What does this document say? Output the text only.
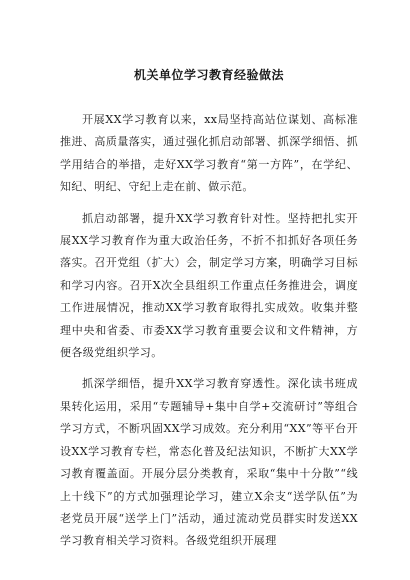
机关单位学习教育经验做法

开展XX学习教育以来，xx局坚持高站位谋划、高标准推进、高质量落实，通过强化抓启动部署、抓深学细悟、抓学用结合的举措，走好XX学习教育“第一方阵”，在学纪、知纪、明纪、守纪上走在前、做示范。

抓启动部署，提升XX学习教育针对性。坚持把扎实开展XX学习教育作为重大政治任务，不折不扣抓好各项任务落实。召开党组（扩大）会，制定学习方案，明确学习目标和学习内容。召开X次全县组织工作重点任务推进会，调度工作进展情况，推动XX学习教育取得扎实成效。收集并整理中央和省委、市委XX学习教育重要会议和文件精神，方便各级党组织学习。

抓深学细悟，提升XX学习教育穿透性。深化读书班成果转化运用，采用“专题辅导+集中自学+交流研讨”等组合学习方式，不断巩固XX学习成效。充分利用“XX”等平台开设XX学习教育专栏，常态化普及纪法知识，不断扩大XX学习教育覆盖面。开展分层分类教育，采取“集中十分散”“线上十线下”的方式加强理论学习，建立X余支“送学队伍”为老党员开展“送学上门”活动，通过流动党员群实时发送XX学习教育相关学习资料。各级党组织开展理
